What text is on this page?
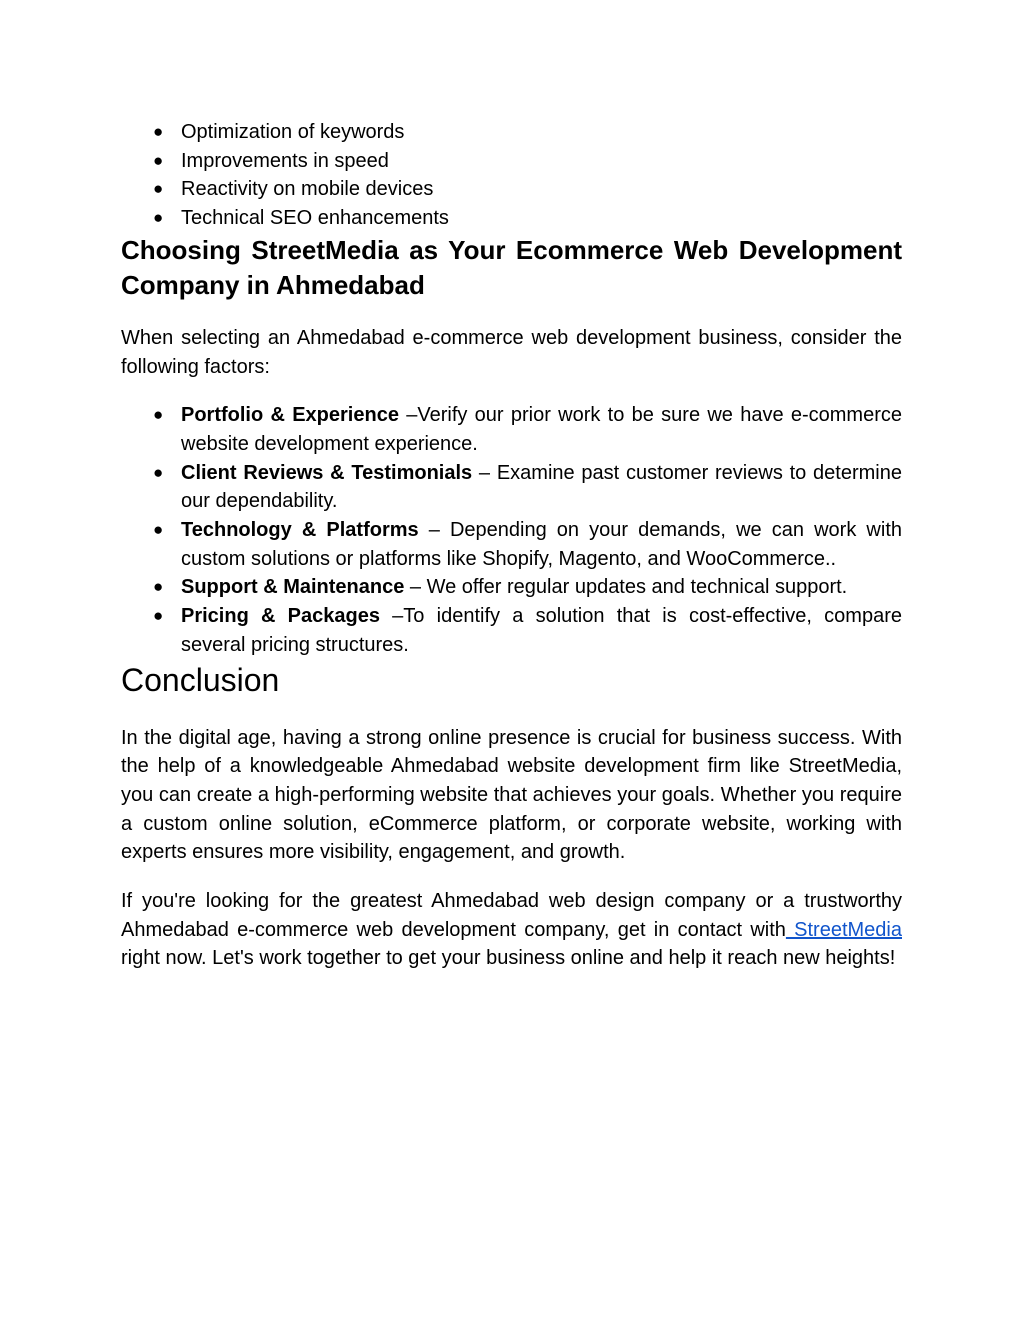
● Optimization of keywords
● Improvements in speed
● Reactivity on mobile devices
● Technical SEO enhancements
Choosing StreetMedia as Your Ecommerce Web Development Company in Ahmedabad

When selecting an Ahmedabad e-commerce web development business, consider the following factors:

● Portfolio & Experience –Verify our prior work to be sure we have e-commerce website development experience.
● Client Reviews & Testimonials – Examine past customer reviews to determine our dependability.
● Technology & Platforms – Depending on your demands, we can work with custom solutions or platforms like Shopify, Magento, and WooCommerce..
● Support & Maintenance – We offer regular updates and technical support.
● Pricing & Packages –To identify a solution that is cost-effective, compare several pricing structures.
Conclusion

In the digital age, having a strong online presence is crucial for business success. With the help of a knowledgeable Ahmedabad website development firm like StreetMedia, you can create a high-performing website that achieves your goals. Whether you require a custom online solution, eCommerce platform, or corporate website, working with experts ensures more visibility, engagement, and growth.

If you're looking for the greatest Ahmedabad web design company or a trustworthy Ahmedabad e-commerce web development company, get in contact with StreetMedia right now. Let's work together to get your business online and help it reach new heights!
